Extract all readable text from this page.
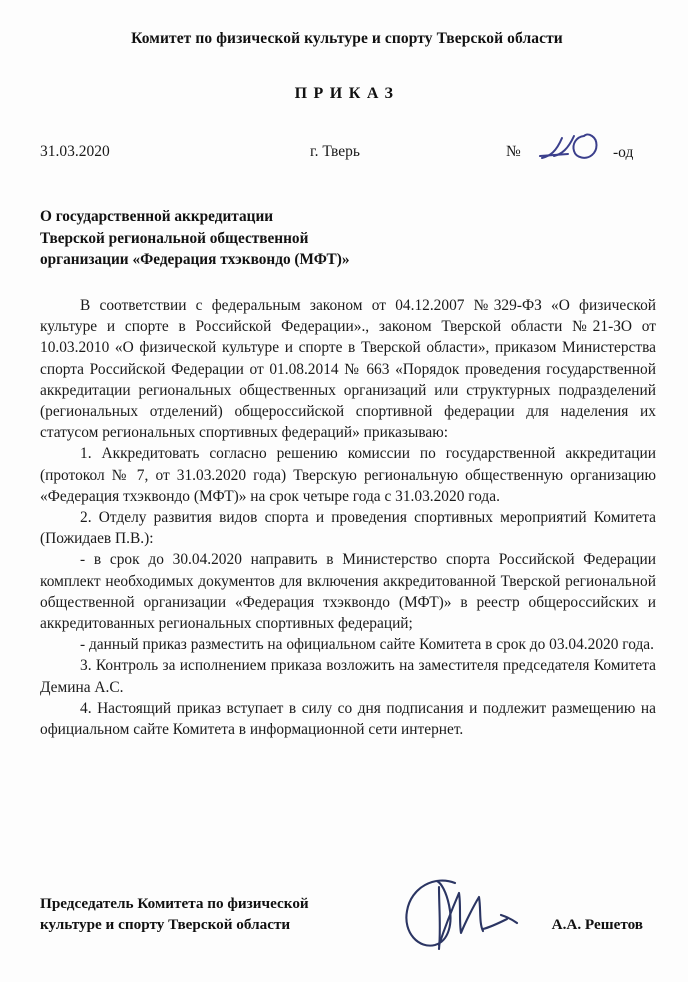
Комитет по физической культуре и спорту Тверской области
ПРИКАЗ
31.03.2020	г. Тверь	№	-од
О государственной аккредитации
Тверской региональной общественной
организации «Федерация тхэквондо (МФТ)»

В соответствии с федеральным законом от 04.12.2007 №329-ФЗ «О физической культуре и спорте в Российской Федерации»., законом Тверской области №21-ЗО от 10.03.2010 «О физической культуре и спорте в Тверской области», приказом Министерства спорта Российской Федерации от 01.08.2014 № 663 «Порядок проведения государственной аккредитации региональных общественных организаций или структурных подразделений (региональных отделений) общероссийской спортивной федерации для наделения их статусом региональных спортивных федераций» приказываю:

1. Аккредитовать согласно решению комиссии по государственной аккредитации (протокол № 7, от 31.03.2020 года) Тверскую региональную общественную организацию «Федерация тхэквондо (МФТ)» на срок четыре года с 31.03.2020 года.

2. Отделу развития видов спорта и проведения спортивных мероприятий Комитета (Пожидаев П.В.):

- в срок до 30.04.2020 направить в Министерство спорта Российской Федерации комплект необходимых документов для включения аккредитованной Тверской региональной общественной организации «Федерация тхэквондо (МФТ)» в реестр общероссийских и аккредитованных региональных спортивных федераций;

- данный приказ разместить на официальном сайте Комитета в срок до 03.04.2020 года.

3. Контроль за исполнением приказа возложить на заместителя председателя Комитета Демина А.С.

4. Настоящий приказ вступает в силу со дня подписания и подлежит размещению на официальном сайте Комитета в информационной сети интернет.

Председатель Комитета по физической
культуре и спорту Тверской области	А.А. Решетов
